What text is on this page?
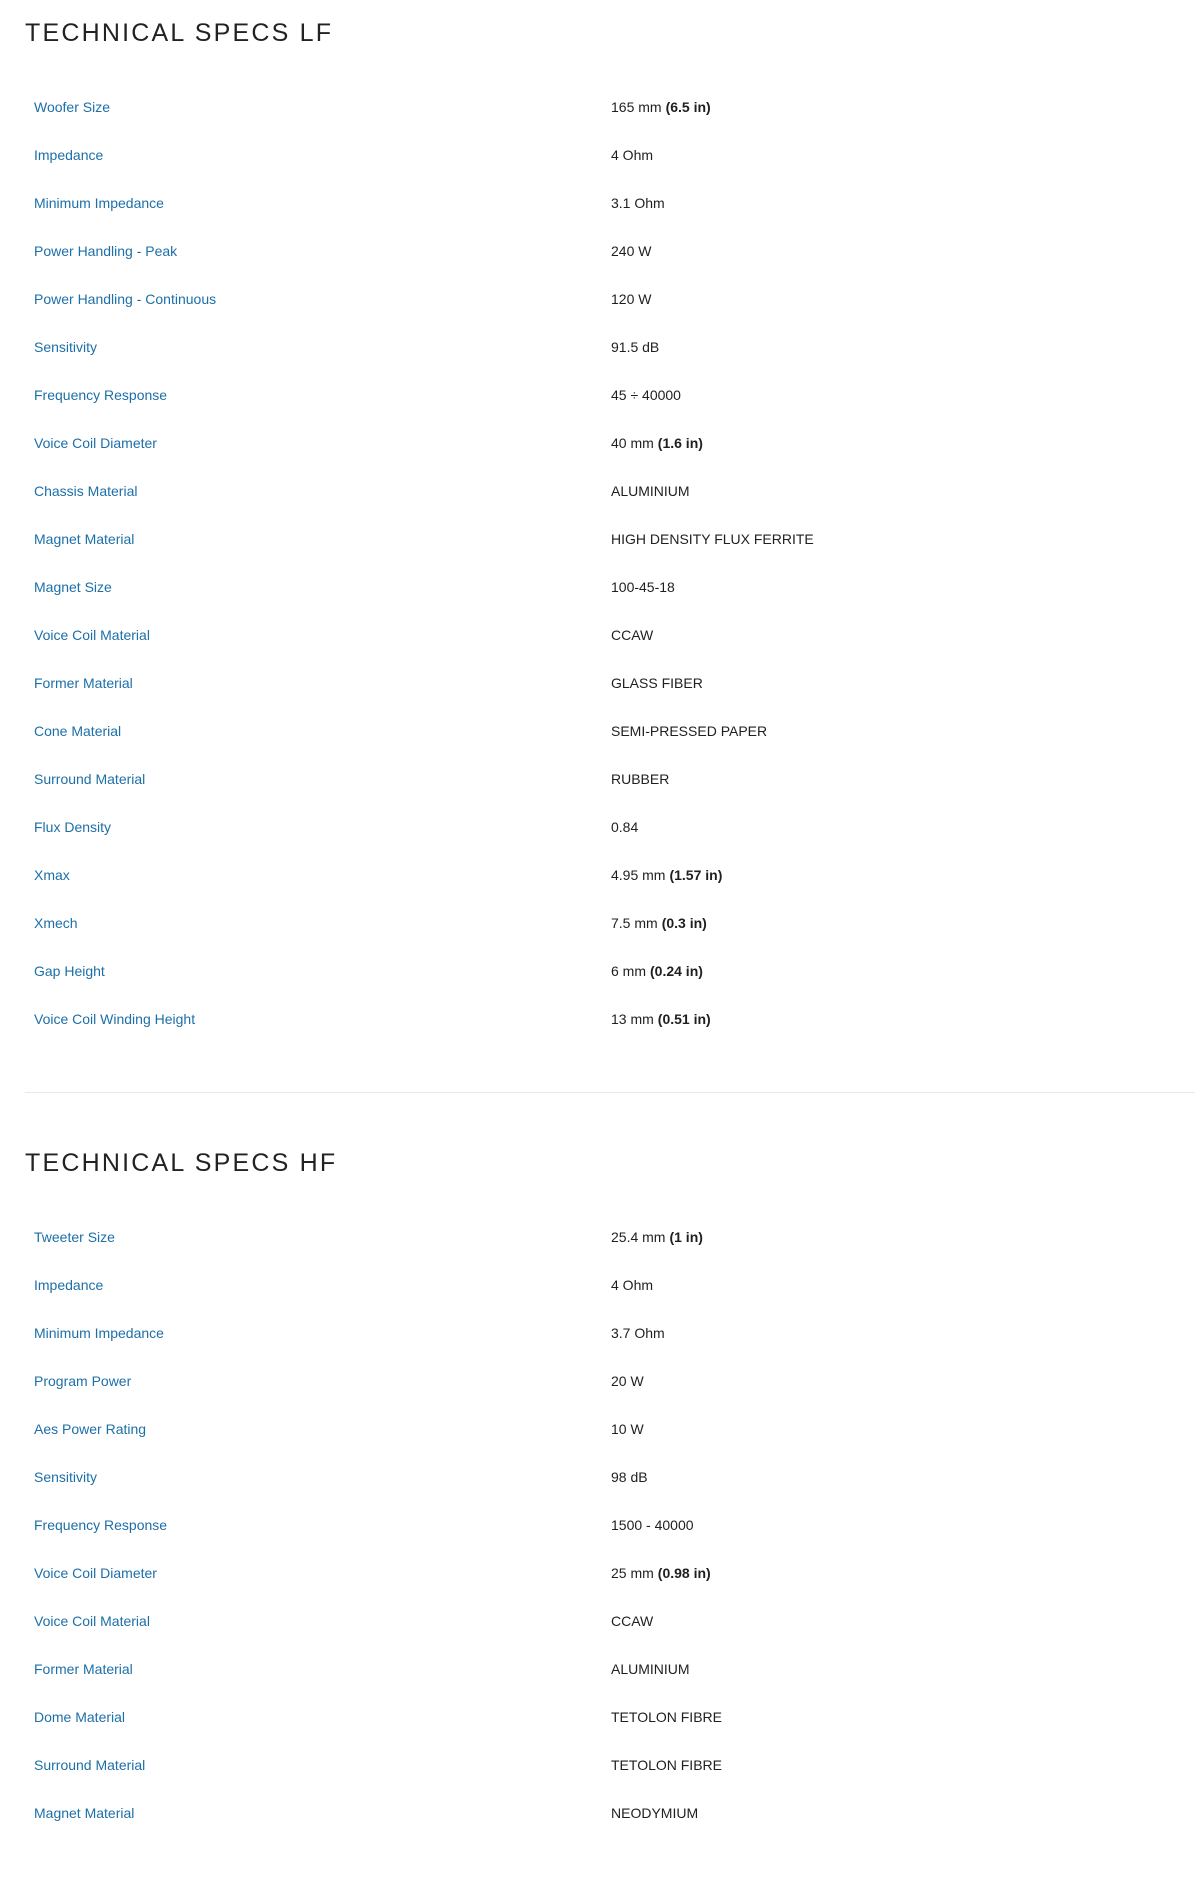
TECHNICAL SPECS LF
Woofer Size	165 mm (6.5 in)
Impedance	4 Ohm
Minimum Impedance	3.1 Ohm
Power Handling - Peak	240 W
Power Handling - Continuous	120 W
Sensitivity	91.5 dB
Frequency Response	45 ÷ 40000
Voice Coil Diameter	40 mm (1.6 in)
Chassis Material	ALUMINIUM
Magnet Material	HIGH DENSITY FLUX FERRITE
Magnet Size	100-45-18
Voice Coil Material	CCAW
Former Material	GLASS FIBER
Cone Material	SEMI-PRESSED PAPER
Surround Material	RUBBER
Flux Density	0.84
Xmax	4.95 mm (1.57 in)
Xmech	7.5 mm (0.3 in)
Gap Height	6 mm (0.24 in)
Voice Coil Winding Height	13 mm (0.51 in)
TECHNICAL SPECS HF
Tweeter Size	25.4 mm (1 in)
Impedance	4 Ohm
Minimum Impedance	3.7 Ohm
Program Power	20 W
Aes Power Rating	10 W
Sensitivity	98 dB
Frequency Response	1500 - 40000
Voice Coil Diameter	25 mm (0.98 in)
Voice Coil Material	CCAW
Former Material	ALUMINIUM
Dome Material	TETOLON FIBRE
Surround Material	TETOLON FIBRE
Magnet Material	NEODYMIUM
